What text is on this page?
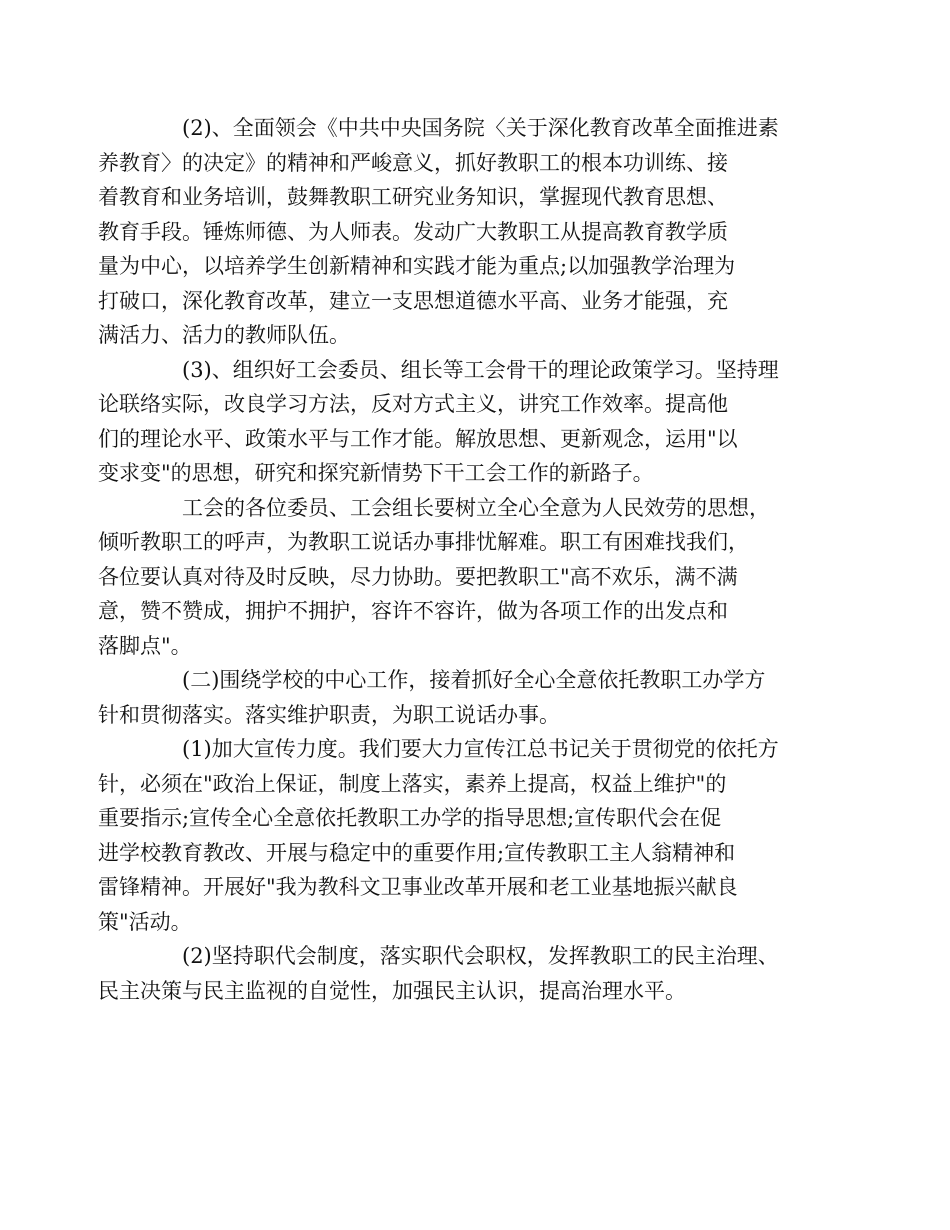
(2)、全面领会《中共中央国务院〈关于深化教育改革全面推进素
养教育〉的决定》的精神和严峻意义，抓好教职工的根本功训练、接
着教育和业务培训，鼓舞教职工研究业务知识，掌握现代教育思想、
教育手段。锤炼师德、为人师表。发动广大教职工从提高教育教学质
量为中心，以培养学生创新精神和实践才能为重点;以加强教学治理为
打破口，深化教育改革，建立一支思想道德水平高、业务才能强，充
满活力、活力的教师队伍。

(3)、组织好工会委员、组长等工会骨干的理论政策学习。坚持理
论联络实际，改良学习方法，反对方式主义，讲究工作效率。提高他
们的理论水平、政策水平与工作才能。解放思想、更新观念，运用"以
变求变"的思想，研究和探究新情势下干工会工作的新路子。

工会的各位委员、工会组长要树立全心全意为人民效劳的思想，
倾听教职工的呼声，为教职工说话办事排忧解难。职工有困难找我们，
各位要认真对待及时反映，尽力协助。要把教职工"高不欢乐，满不满
意，赞不赞成，拥护不拥护，容许不容许，做为各项工作的出发点和
落脚点"。

(二)围绕学校的中心工作，接着抓好全心全意依托教职工办学方
针和贯彻落实。落实维护职责，为职工说话办事。

(1)加大宣传力度。我们要大力宣传江总书记关于贯彻党的依托方
针，必须在"政治上保证，制度上落实，素养上提高，权益上维护"的
重要指示;宣传全心全意依托教职工办学的指导思想;宣传职代会在促
进学校教育教改、开展与稳定中的重要作用;宣传教职工主人翁精神和
雷锋精神。开展好"我为教科文卫事业改革开展和老工业基地振兴献良
策"活动。

(2)坚持职代会制度，落实职代会职权，发挥教职工的民主治理、
民主决策与民主监视的自觉性，加强民主认识，提高治理水平。
